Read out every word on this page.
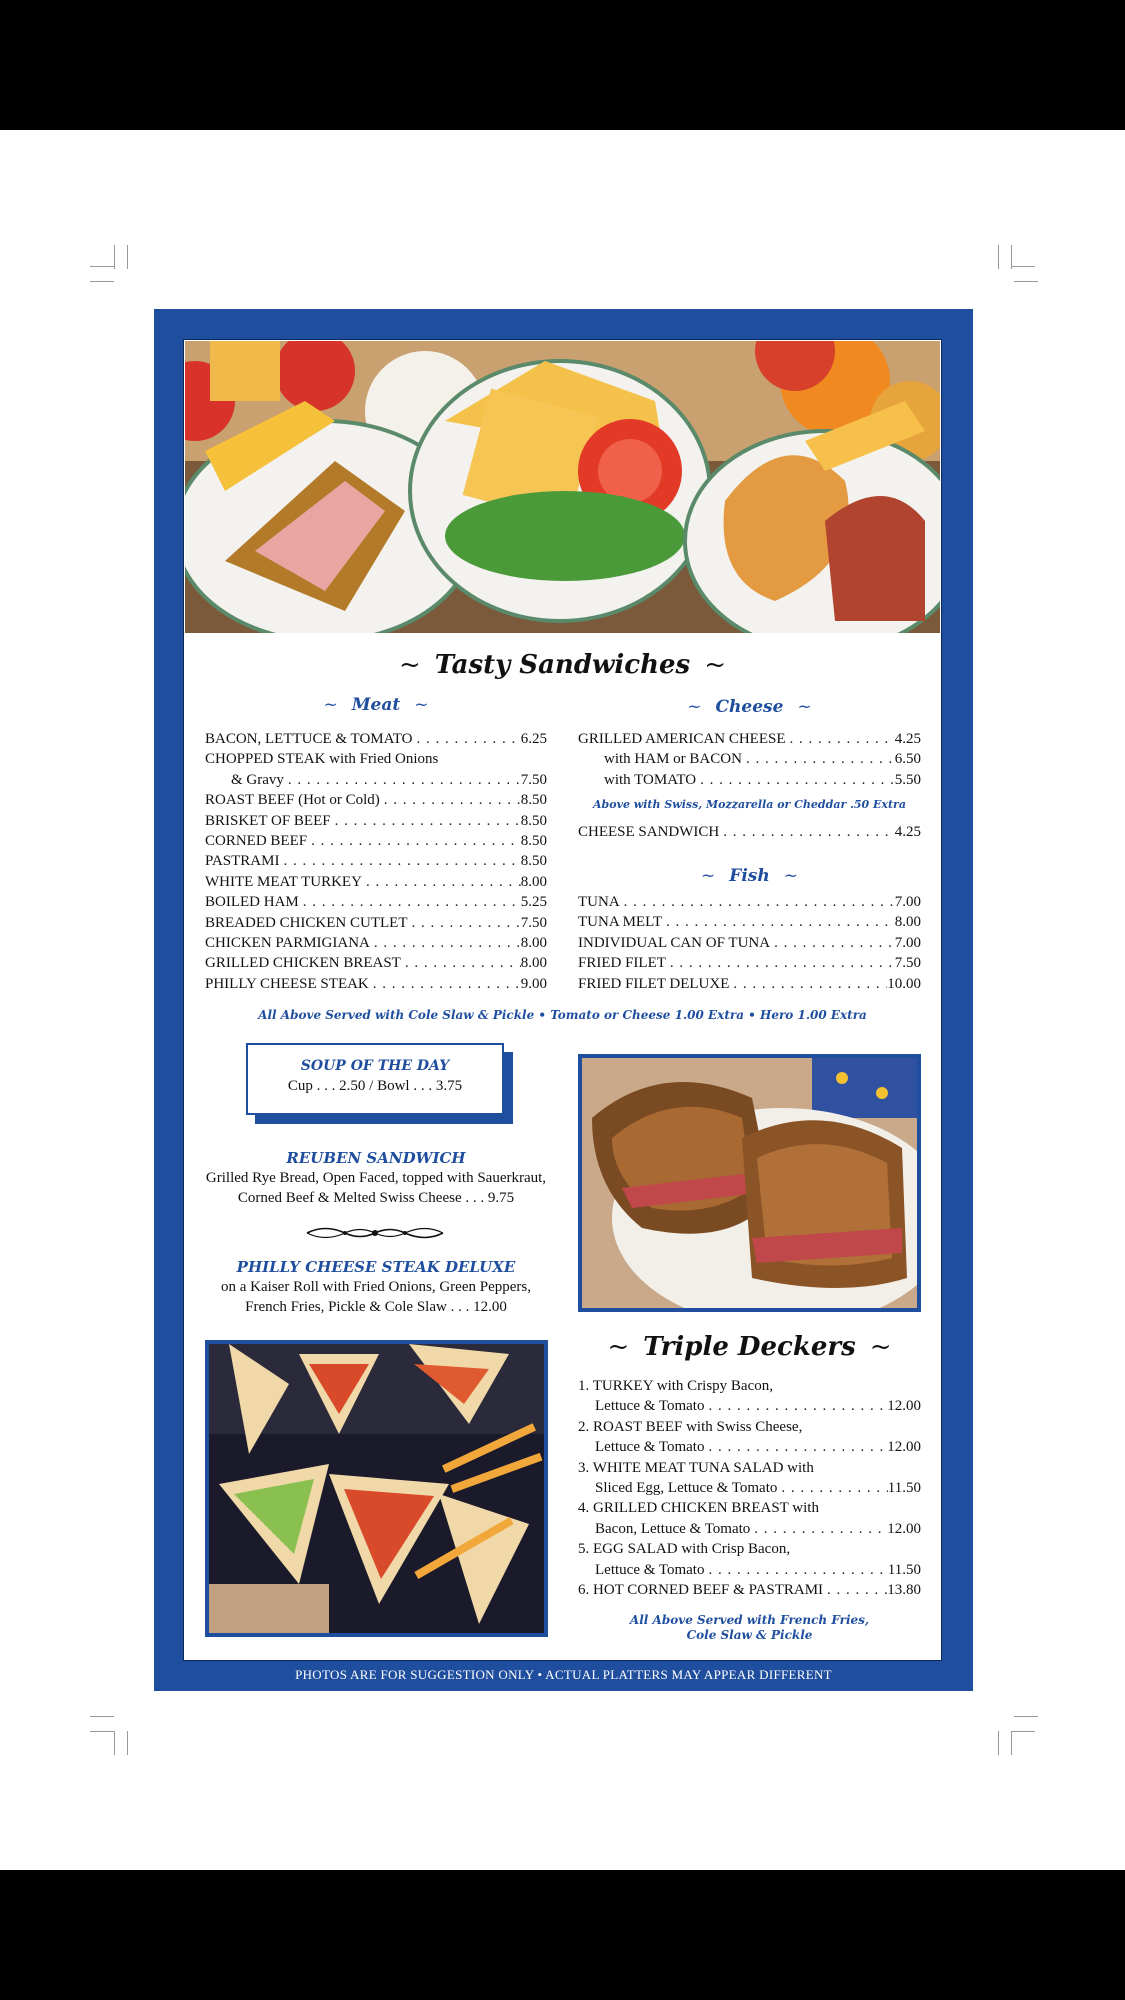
~ Tasty Sandwiches ~
~ Meat ~
BACON, LETTUCE & TOMATO . . .	6.25
CHOPPED STEAK with Fried Onions
& Gravy . . .	7.50
ROAST BEEF (Hot or Cold) . . .	8.50
BRISKET OF BEEF . . .	8.50
CORNED BEEF . . .	8.50
PASTRAMI . . .	8.50
WHITE MEAT TURKEY . . .	8.00
BOILED HAM . . .	5.25
BREADED CHICKEN CUTLET . . .	7.50
CHICKEN PARMIGIANA . . .	8.00
GRILLED CHICKEN BREAST . . .	8.00
PHILLY CHEESE STEAK . . .	9.00
~ Cheese ~
GRILLED AMERICAN CHEESE . . .	4.25
with HAM or BACON . . .	6.50
with TOMATO . . .	5.50
Above with Swiss, Mozzarella or Cheddar .50 Extra
CHEESE SANDWICH . . .	4.25
~ Fish ~
TUNA . . .	7.00
TUNA MELT . . .	8.00
INDIVIDUAL CAN OF TUNA . . .	7.00
FRIED FILET . . .	7.50
FRIED FILET DELUXE . . .	10.00
All Above Served with Cole Slaw & Pickle • Tomato or Cheese 1.00 Extra • Hero 1.00 Extra
SOUP OF THE DAY
Cup . . . 2.50 / Bowl . . . 3.75
REUBEN SANDWICH
Grilled Rye Bread, Open Faced, topped with Sauerkraut,
Corned Beef & Melted Swiss Cheese . . . 9.75
PHILLY CHEESE STEAK DELUXE
on a Kaiser Roll with Fried Onions, Green Peppers,
French Fries, Pickle & Cole Slaw . . . 12.00
~ Triple Deckers ~
1. TURKEY with Crispy Bacon,
Lettuce & Tomato . . .	12.00
2. ROAST BEEF with Swiss Cheese,
Lettuce & Tomato . . .	12.00
3. WHITE MEAT TUNA SALAD with
Sliced Egg, Lettuce & Tomato . . .	11.50
4. GRILLED CHICKEN BREAST with
Bacon, Lettuce & Tomato . . .	12.00
5. EGG SALAD with Crisp Bacon,
Lettuce & Tomato . . .	11.50
6. HOT CORNED BEEF & PASTRAMI . . .	13.80
All Above Served with French Fries,
Cole Slaw & Pickle
PHOTOS ARE FOR SUGGESTION ONLY • ACTUAL PLATTERS MAY APPEAR DIFFERENT
